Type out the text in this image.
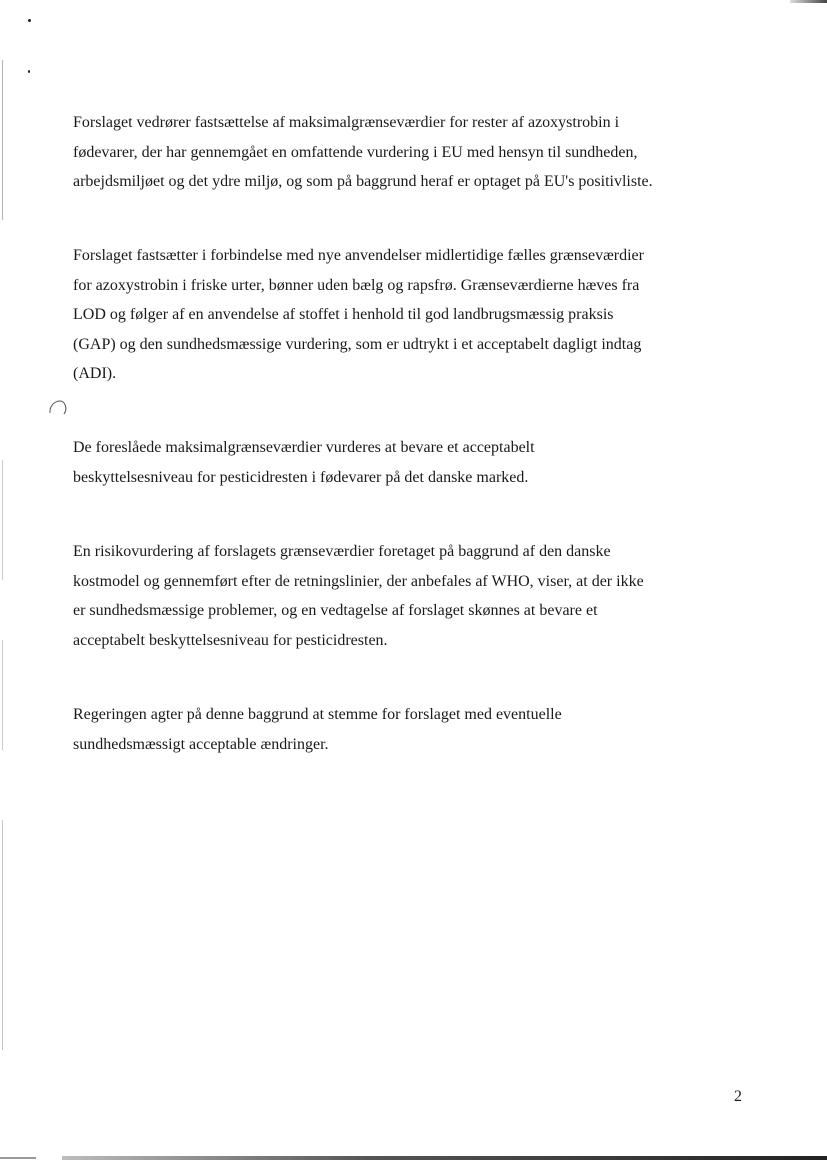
Forslaget vedrører fastsættelse af maksimalgrænseværdier for rester af azoxystrobin i
fødevarer, der har gennemgået en omfattende vurdering i EU med hensyn til sundheden,
arbejdsmiljøet og det ydre miljø, og som på baggrund heraf er optaget på EU's positivliste.

Forslaget fastsætter i forbindelse med nye anvendelser midlertidige fælles grænseværdier
for azoxystrobin i friske urter, bønner uden bælg og rapsfrø. Grænseværdierne hæves fra
LOD og følger af en anvendelse af stoffet i henhold til god landbrugsmæssig praksis
(GAP) og den sundhedsmæssige vurdering, som er udtrykt i et acceptabelt dagligt indtag
(ADI).

De foreslåede maksimalgrænseværdier vurderes at bevare et acceptabelt
beskyttelsesniveau for pesticidresten i fødevarer på det danske marked.

En risikovurdering af forslagets grænseværdier foretaget på baggrund af den danske
kostmodel og gennemført efter de retningslinier, der anbefales af WHO, viser, at der ikke
er sundhedsmæssige problemer, og en vedtagelse af forslaget skønnes at bevare et
acceptabelt beskyttelsesniveau for pesticidresten.

Regeringen agter på denne baggrund at stemme for forslaget med eventuelle
sundhedsmæssigt acceptable ændringer.

2
